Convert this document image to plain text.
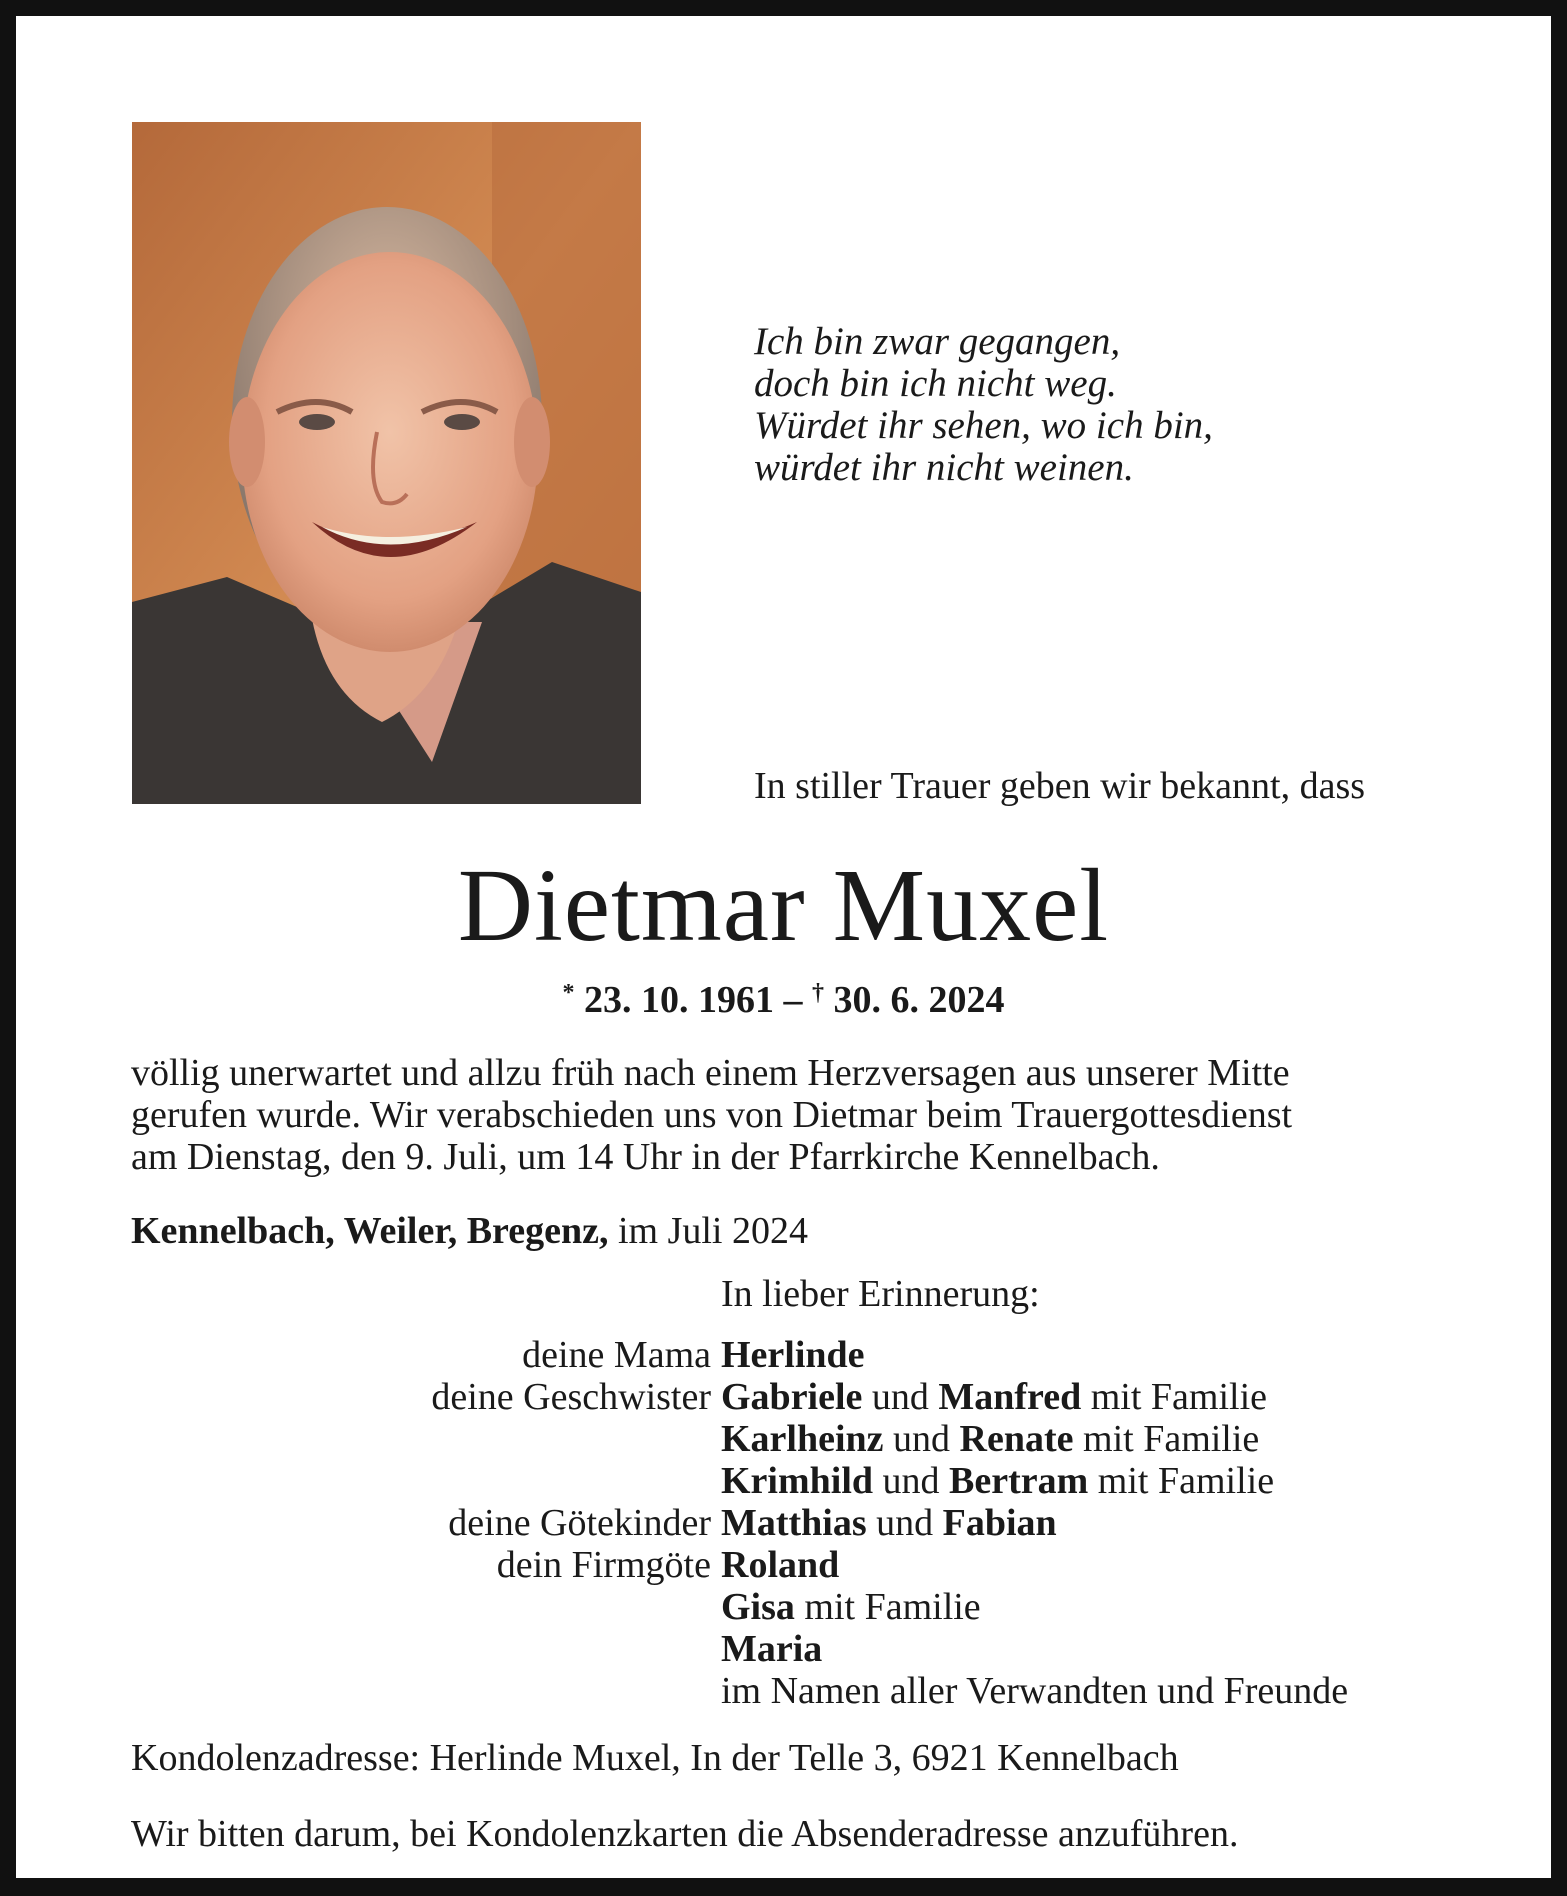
Ich bin zwar gegangen,
doch bin ich nicht weg.
Würdet ihr sehen, wo ich bin,
würdet ihr nicht weinen.
In stiller Trauer geben wir bekannt, dass
Dietmar Muxel
* 23. 10. 1961 – † 30. 6. 2024
völlig unerwartet und allzu früh nach einem Herzversagen aus unserer Mitte
gerufen wurde. Wir verabschieden uns von Dietmar beim Trauergottesdienst
am Dienstag, den 9. Juli, um 14 Uhr in der Pfarrkirche Kennelbach.
Kennelbach, Weiler, Bregenz, im Juli 2024
In lieber Erinnerung:
deine Mama Herlinde
deine Geschwister Gabriele und Manfred mit Familie
Karlheinz und Renate mit Familie
Krimhild und Bertram mit Familie
deine Götekinder Matthias und Fabian
dein Firmgöte Roland
Gisa mit Familie
Maria
im Namen aller Verwandten und Freunde
Kondolenzadresse: Herlinde Muxel, In der Telle 3, 6921 Kennelbach
Wir bitten darum, bei Kondolenzkarten die Absenderadresse anzuführen.
